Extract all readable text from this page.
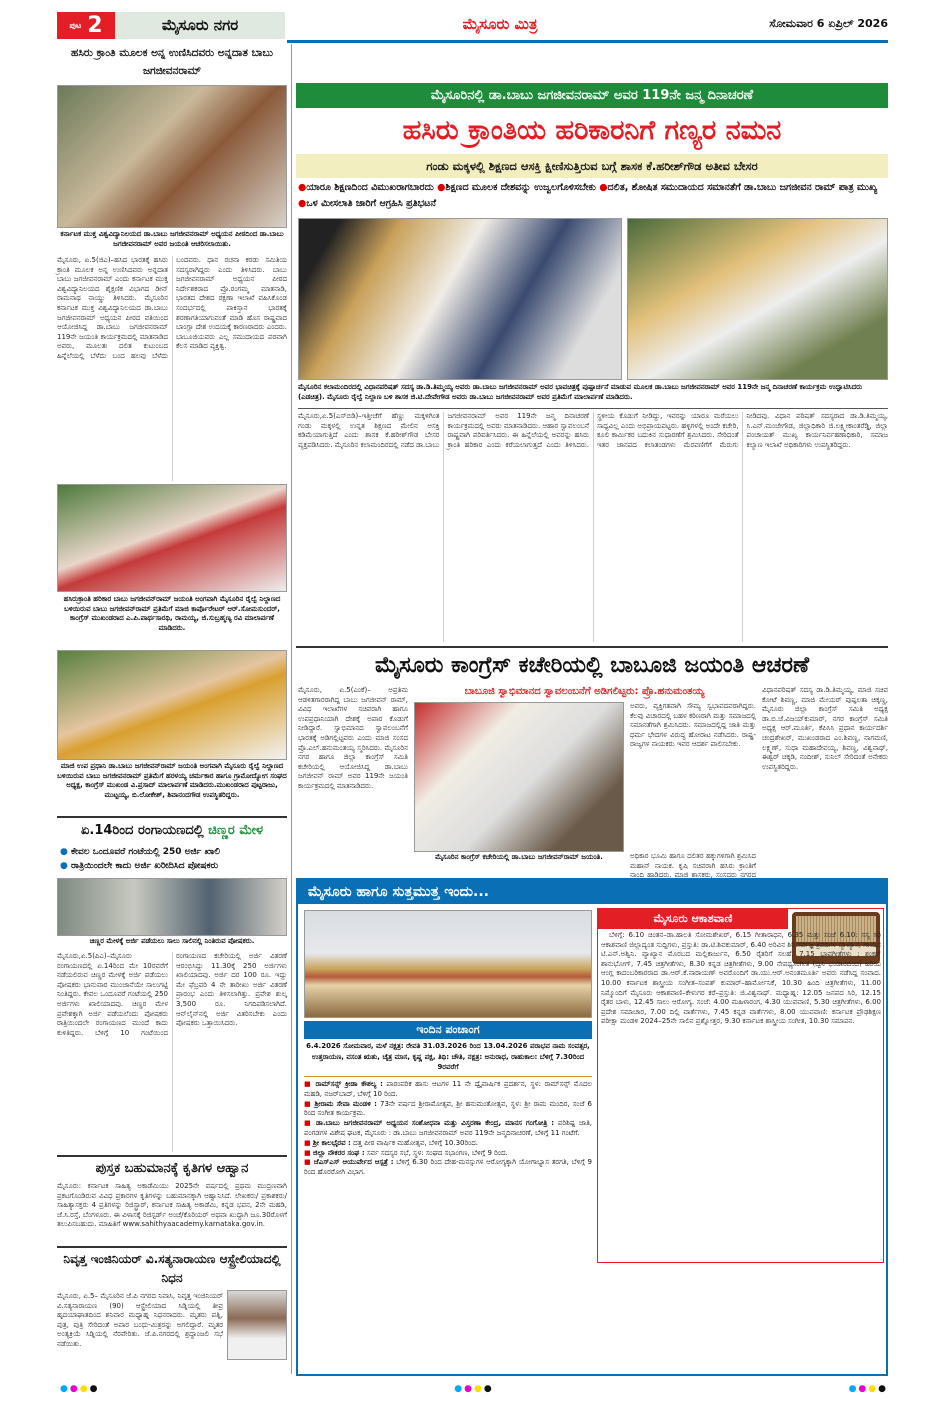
ಪುಟ 2	ಮೈಸೂರು ನಗರ	ಮೈಸೂರು ಮಿತ್ರ	ಸೋಮವಾರ 6 ಏಪ್ರಿಲ್ 2026
ಹಸಿರು ಕ್ರಾಂತಿ ಮೂಲಕ ಅನ್ನ ಉಣಿಸಿದವರು ಅನ್ನದಾತ ಬಾಬು ಜಗಜೀವನರಾಮ್
ಕರ್ನಾಟಕ ಮುಕ್ತ ವಿಶ್ವವಿದ್ಯಾನಿಲಯದ ಡಾ.ಬಾಬು ಜಗಜೀವನರಾಮ್ ಅಧ್ಯಯನ ಪೀಠದಿಂದ ಡಾ.ಬಾಬು ಜಗಜೀವನರಾಮ್ ಅವರ ಜಯಂತಿ ಆಚರಿಸಲಾಯಿತು.
ಮೈಸೂರು, ಏ.5(ಜಿಎ)–ಹಸಿದ ಭಾರತಕ್ಕೆ ಹಸಿರು ಕ್ರಾಂತಿ ಮೂಲಕ ಅನ್ನ ಉಣಿಸಿದವರು ಅನ್ನದಾತ ಬಾಬು ಜಗಜೀವನರಾಮ್ ಎಂದು ಕರ್ನಾಟಕ ಮುಕ್ತ ವಿಶ್ವವಿದ್ಯಾನಿಲಯದ ಶೈಕ್ಷಣಿಕ ವಿಭಾಗದ ಡೀನ್ ರಾಮನಾಥ ನಾಯ್ಡು ತಿಳಿಸಿದರು. ಮೈಸೂರಿನ ಕರ್ನಾಟಕ ಮುಕ್ತ ವಿಶ್ವವಿದ್ಯಾನಿಲಯದ ಡಾ.ಬಾಬು ಜಗಜೀವನರಾಮ್ ಅಧ್ಯಯನ ಪೀಠದ ವತಿಯಿಂದ ಆಯೋಜಿಸಿದ್ದ ಡಾ.ಬಾಬು ಜಗಜೀವನರಾಮ್ 119ನೇ ಜಯಂತಿ ಕಾರ್ಯಕ್ರಮದಲ್ಲಿ ಮಾತನಾಡಿದ ಅವರು, ಮೂಲತಃ ದಲಿತ ಕುಟುಂಬದ ಹಿನ್ನೆಲೆಯಲ್ಲಿ ಬೆಳೆದು ಬಂದ ಹಲವು ಬೆಳೆದು ಬಂದವರು. ಧಾನ ರಚನಾ ಕರಡು ಸಮಿತಿಯ ಸದಸ್ಯರಾಗಿದ್ದರು ಎಂದು ತಿಳಿಸಿದರು. ಬಾಬು ಜಗಜೀವನರಾಮ್ ಅಧ್ಯಯನ ಪೀಠದ ನಿರ್ದೇಶಕರಾದ ಪ್ರೊ.ರಂಗಮ್ಮ ಮಾತನಾಡಿ, ಭಾರತದ ದೇಶದ ರಕ್ಷಣಾ ಇಲಾಖೆ ವಹಿಸಿಕೊಂಡ ಸಂದರ್ಭದಲ್ಲಿ ಪಾಕಿಸ್ತಾನ ಭಾರತಕ್ಕೆ ಶರಣಾಗತಿಯಾಗುವಂತೆ ಮಾಡಿ ಹೊಸ ರಾಷ್ಟ್ರವಾದ ಬಾಂಗ್ಲಾ ದೇಶ ಉದಯಕ್ಕೆ ಕಾರಣರಾದರು ಎಂದರು. ಬಾಬೂಜಿಯವರು ಎಲ್ಲ ಸಮುದಾಯದ ಪರವಾಗಿ ಕೆಲಸ ಮಾಡಿದ ವ್ಯಕ್ತಿತ್ವ.
ಹಸಿರುಕ್ರಾಂತಿ ಹರಿಕಾರ ಬಾಬು ಜಗಜೀವನ್‌ರಾಮ್ ಜಯಂತಿ ಅಂಗವಾಗಿ ಮೈಸೂರಿನ ರೈಲ್ವೆ ನಿಲ್ದಾಣದ ಬಳಿಯಿರುವ ಬಾಬು ಜಗಜೀವನ್‌ರಾಮ್ ಪ್ರತಿಮೆಗೆ ಮಾಜಿ ಕಾರ್ಪೊರೇಟರ್ ಆರ್.ಸೋಮಸುಂದರ್, ಕಾಂಗ್ರೆಸ್ ಮುಖಂಡರಾದ ಎ.ಪಿ.ಪಾರ್ಥಸಾರಥಿ, ರಾಮಯ್ಯ, ಜಿ.ಸುಬ್ರಹ್ಮಣ್ಯ ರವಿ ಮಾಲಾರ್ಪಣೆ ಮಾಡಿದರು.
ಮಾಜಿ ಉಪ ಪ್ರಧಾನಿ ಡಾ.ಬಾಬು ಜಗಜೀವನ್‌ರಾಮ್ ಜಯಂತಿ ಅಂಗವಾಗಿ ಮೈಸೂರು ರೈಲ್ವೆ ನಿಲ್ದಾಣದ ಬಳಿಯಿರುವ ಬಾಬು ಜಗಜೀವನರಾಮ್ ಪ್ರತಿಮೆಗೆ ಹರಳಯ್ಯ ಚರ್ಮಕಾರ ಹಾಗೂ ಗ್ರಾಮೋದ್ಯೋಗ ಸಂಘದ ಅಧ್ಯಕ್ಷ, ಕಾಂಗ್ರೆಸ್ ಮುಖಂಡ ವಿ.ಪ್ರಸಾದ್ ಮಾಲಾರ್ಪಣೆ ಮಾಡಿದರು.ಮುಖಂಡರಾದ ಪುಟ್ಟರಾಜು, ಮುಟ್ಟಯ್ಯ, ಬಿ.ಲೋಕೇಶ್, ಶಿವಾನಂದಗೌಡ ಉಪಸ್ಥಿತರಿದ್ದರು.
ಏ.14ರಿಂದ ರಂಗಾಯಣದಲ್ಲಿ ಚಿಣ್ಣರ ಮೇಳ
● ಕೇವಲ ಒಂದೂವರೆ ಗಂಟೆಯಲ್ಲಿ 250 ಅರ್ಜಿ ಖಾಲಿ
● ರಾತ್ರಿಯಿಂದಲೇ ಕಾದು ಅರ್ಜಿ ಖರೀದಿಸಿದ ಪೋಷಕರು
ಚಿಣ್ಣರ ಮೇಳಕ್ಕೆ ಅರ್ಜಿ ಪಡೆಯಲು ಸಾಲು ಸಾಲಿನಲ್ಲಿ ನಿಂತಿರುವ ಪೋಷಕರು.
ಮೈಸೂರು,ಏ.5(ಪಿಎ)–ಮೈಸೂರು ರಂಗಾಯಣದಲ್ಲಿ ಏ.14ರಿಂದ ಮೇ 10ರವರೆಗೆ ನಡೆಯಲಿರುವ ಚಿಣ್ಣರ ಮೇಳಕ್ಕೆ ಅರ್ಜಿ ಪಡೆಯಲು ಪೋಷಕರು ಭಾನುವಾರ ಮುಂಜಾನೆಯೇ ಸಾಲುಗಟ್ಟಿ ನಿಂತಿದ್ದರು. ಕೇವಲ ಒಂದೂವರೆ ಗಂಟೆಯಲ್ಲಿ 250 ಅರ್ಜಿಗಳು ಖಾಲಿಯಾದವು. ಚಿಣ್ಣರ ಮೇಳ ಪ್ರವೇಶಕ್ಕಾಗಿ ಅರ್ಜಿ ಪಡೆಯಲೆಂದು ಪೋಷಕರು ರಾತ್ರಿಯಿಂದಲೇ ರಂಗಾಯಣದ ಮುಂದೆ ಕಾದು ಕುಳಿತಿದ್ದರು. ಬೆಳಿಗ್ಗೆ 10 ಗಂಟೆಯಿಂದ ರಂಗಾಯಣದ ಕಚೇರಿಯಲ್ಲಿ ಅರ್ಜಿ ವಿತರಣೆ ಆರಂಭಿಸಿದ್ದು 11.30ಕ್ಕೆ 250 ಅರ್ಜಿಗಳು ಖಾಲಿಯಾದವು. ಅರ್ಜಿ ದರ 100 ರೂ. ಇದ್ದು ಮೇ ಫೆಬ್ರವರಿ 4 ನೇ ತಾರೀಖು ಅರ್ಜಿ ವಿತರಣೆ ಪ್ರಾರಂಭ ಎಂದು ತಿಳಿಸಲಾಗಿತ್ತು. ಪ್ರವೇಶ ಶುಲ್ಕ 3,500 ರೂ. ನಿಗದಿಪಡಿಸಲಾಗಿದೆ. ಆನ್‌ಲೈನ್‌ನಲ್ಲಿ ಅರ್ಜಿ ವಿತರಿಸಬೇಕು ಎಂದು ಪೋಷಕರು ಒತ್ತಾಯಿಸಿದರು.
ಪುಸ್ತಕ ಬಹುಮಾನಕ್ಕೆ ಕೃತಿಗಳ ಆಹ್ವಾನ
ಮೈಸೂರು: ಕರ್ನಾಟಕ ಸಾಹಿತ್ಯ ಅಕಾಡೆಮಿಯು 2025ನೇ ವರ್ಷದಲ್ಲಿ ಪ್ರಥಮ ಮುದ್ರಣವಾಗಿ ಪ್ರಕಟಗೊಂಡಿರುವ ವಿವಿಧ ಪ್ರಕಾರಗಳ ಕೃತಿಗಳನ್ನು ಬಹುಮಾನಕ್ಕಾಗಿ ಆಹ್ವಾನಿಸಿದೆ. ಲೇಖಕರು/ ಪ್ರಕಾಶಕರು/ ಸಾಹಿತ್ಯಾಸಕ್ತರು 4 ಪ್ರತಿಗಳನ್ನು ರಿಜಿಸ್ಟ್ರಾರ್, ಕರ್ನಾಟಕ ಸಾಹಿತ್ಯ ಅಕಾಡೆಮಿ, ಕನ್ನಡ ಭವನ, 2ನೇ ಮಹಡಿ, ಜೆ.ಸಿ.ರಸ್ತೆ, ಬೆಂಗಳೂರು. ಈ ವಿಳಾಸಕ್ಕೆ ರಿಜಿಸ್ಟರ್ಡ್ ಅಂಚೆ/ಕೊರಿಯರ್ ಅಥವಾ ಖುದ್ದಾಗಿ ಜೂ.30ರೊಳಗೆ ತಲುಪಿಸಬಹುದು. ಮಾಹಿತಿಗೆ www.sahithyaacademy.karnataka.gov.in.
ನಿವೃತ್ತ ಇಂಜಿನಿಯರ್ ವಿ.ಸತ್ಯನಾರಾಯಣ ಆಸ್ಟ್ರೇಲಿಯಾದಲ್ಲಿ ನಿಧನ
ಮೈಸೂರು, ಏ.5– ಮೈಸೂರಿನ ಜೆ.ಪಿ ನಗರದ ನಿವಾಸಿ, ನಿವೃತ್ತ ಇಂಜಿನಿಯರ್ ವಿ.ಸತ್ಯನಾರಾಯಣ (90) ಆಸ್ಟ್ರೇಲಿಯಾದ ಸಿಡ್ನಿಯಲ್ಲಿ ತೀವ್ರ ಹೃದಯಾಘಾತದಿಂದ ಶನಿವಾರ ಮಧ್ಯಾಹ್ನ ನಿಧನರಾದರು. ಮೃತರು ಪತ್ನಿ, ಪುತ್ರ, ಪುತ್ರಿ ಸೇರಿದಂತೆ ಅಪಾರ ಬಂಧು-ಮಿತ್ರರನ್ನು ಅಗಲಿದ್ದಾರೆ. ಮೃತರ ಅಂತ್ಯಕ್ರಿಯೆ ಸಿಡ್ನಿಯಲ್ಲಿ ನೆರವೇರಿತು. ಜೆ.ಪಿ.ನಗರದಲ್ಲಿ ಶ್ರದ್ಧಾಂಜಲಿ ಸಭೆ ನಡೆಯಿತು.
ಮೈಸೂರಿನಲ್ಲಿ ಡಾ.ಬಾಬು ಜಗಜೀವನರಾಮ್ ಅವರ 119ನೇ ಜನ್ಮ ದಿನಾಚರಣೆ
ಹಸಿರು ಕ್ರಾಂತಿಯ ಹರಿಕಾರನಿಗೆ ಗಣ್ಯರ ನಮನ
ಗಂಡು ಮಕ್ಕಳಲ್ಲಿ ಶಿಕ್ಷಣದ ಆಸಕ್ತಿ ಕ್ಷೀಣಿಸುತ್ತಿರುವ ಬಗ್ಗೆ ಶಾಸಕ ಕೆ.ಹರೀಶ್‌ಗೌಡ ಅತೀವ ಬೇಸರ
●ಯಾರೂ ಶಿಕ್ಷಣದಿಂದ ವಿಮುಖರಾಗಬಾರದು ●ಶಿಕ್ಷಣದ ಮೂಲಕ ದೇಶವನ್ನು ಉಜ್ವಲಗೊಳಿಸಬೇಕು ●ದಲಿತ, ಶೋಷಿತ ಸಮುದಾಯದ ಸಮಾನತೆಗೆ ಡಾ.ಬಾಬು ಜಗಜೀವನ ರಾಮ್ ಪಾತ್ರ ಮುಖ್ಯ ●ಒಳ ಮೀಸಲಾತಿ ಜಾರಿಗೆ ಆಗ್ರಹಿಸಿ ಪ್ರತಿಭಟನೆ
ಮೈಸೂರಿನ ಕಲಾಮಂದಿರದಲ್ಲಿ ವಿಧಾನಪರಿಷತ್ ಸದಸ್ಯ ಡಾ.ಡಿ.ತಿಮ್ಮಯ್ಯ ಅವರು ಡಾ.ಬಾಬು ಜಗಜೀವನರಾಮ್ ಅವರ ಭಾವಚಿತ್ರಕ್ಕೆ ಪುಷ್ಪಾರ್ಚನೆ ಮಾಡುವ ಮೂಲಕ ಡಾ.ಬಾಬು ಜಗಜೀವನರಾಮ್ ಅವರ 119ನೇ ಜನ್ಮ ದಿನಾಚರಣೆ ಕಾರ್ಯಕ್ರಮ ಉದ್ಘಾಟಿಸಿದರು (ಎಡಚಿತ್ರ). ಮೈಸೂರು ರೈಲ್ವೆ ನಿಲ್ದಾಣ ಬಳಿ ಶಾಸಕ ಜಿ.ಟಿ.ದೇವೇಗೌಡ ಅವರು ಡಾ.ಬಾಬು ಜಗಜೀವನರಾಮ್ ಅವರ ಪ್ರತಿಮೆಗೆ ಮಾಲಾರ್ಪಣೆ ಮಾಡಿದರು.
ಮೈಸೂರು,ಏ.5(ಎಸ್‌ಬಿಡಿ)–ಇತ್ತೀಚೆಗೆ ಹೆಣ್ಣು ಮಕ್ಕಳಿಗಿಂತ ಗಂಡು ಮಕ್ಕಳಲ್ಲಿ ಉನ್ನತ ಶಿಕ್ಷಣದ ಮೇಲಿನ ಆಸಕ್ತಿ ಕಡಿಮೆಯಾಗುತ್ತಿದೆ ಎಂದು ಶಾಸಕ ಕೆ.ಹರೀಶ್‌ಗೌಡ ಬೇಸರ ವ್ಯಕ್ತಪಡಿಸಿದರು. ಮೈಸೂರಿನ ಕಲಾಮಂದಿರದಲ್ಲಿ ನಡೆದ ಡಾ.ಬಾಬು ಜಗಜೀವನರಾಮ್ ಅವರ 119ನೇ ಜನ್ಮ ದಿನಾಚರಣೆ ಕಾರ್ಯಕ್ರಮದಲ್ಲಿ ಅವರು ಮಾತನಾಡಿದರು. ಆಹಾರ ಸ್ವಾವಲಂಬನೆ ರಾಷ್ಟ್ರವಾಗಿ ಪರಿವರ್ತಿಸಿದರು. ಈ ಹಿನ್ನೆಲೆಯಲ್ಲಿ ಅವರನ್ನು ಹಸಿರು ಕ್ರಾಂತಿ ಹರಿಕಾರ ಎಂದು ಕರೆಯಲಾಗುತ್ತದೆ ಎಂದು ತಿಳಿಸಿದರು. ಸ್ಥಳೀಯ ಕೊಡುಗೆ ನೀಡಿದ್ದು, ಇವರನ್ನು ಯಾರೂ ಮರೆಯಲು ಸಾಧ್ಯವಿಲ್ಲ ಎಂದು ಅಭಿಪ್ರಾಯಪಟ್ಟರು. ಹಳ್ಳಿಗಳಲ್ಲಿ ಅಂದೇ ಕಚೇರಿ, ಕೂಲಿ ಕಾರ್ಮಿಕರ ಬದುಕಿನ ಸುಧಾರಣೆಗೆ ಶ್ರಮಿಸಿದರು. ಸೇರಿದಂತೆ ಇತರ ಜಾನಪದ ಕಲಾತಂಡಗಳು ಮೆರವಣಿಗೆಗೆ ಮೆರುಗು ನೀಡಿದವು. ವಿಧಾನ ಪರಿಷತ್ ಸದಸ್ಯರಾದ ಡಾ.ಡಿ.ತಿಮ್ಮಯ್ಯ, ಸಿ.ಎನ್.ಮಂಜೇಗೌಡ, ಜಿಲ್ಲಾಧಿಕಾರಿ ಜಿ.ಲಕ್ಷ್ಮೀಕಾಂತರೆಡ್ಡಿ, ಜಿಲ್ಲಾ ಪಂಚಾಯತ್ ಮುಖ್ಯ ಕಾರ್ಯನಿರ್ವಹಣಾಧಿಕಾರಿ, ಸಮಾಜ ಕಲ್ಯಾಣ ಇಲಾಖೆ ಅಧಿಕಾರಿಗಳು ಉಪಸ್ಥಿತರಿದ್ದರು.
ಮೈಸೂರು ಕಾಂಗ್ರೆಸ್ ಕಚೇರಿಯಲ್ಲಿ ಬಾಬೂಜಿ ಜಯಂತಿ ಆಚರಣೆ
ಮೈಸೂರು, ಏ.5(ಎಂಕೆ)– ಅಪ್ರತಿಮ ಆಡಳಿತಗಾರರಾಗಿದ್ದ ಬಾಬು ಜಗಜೀವನ್ ರಾಮ್, ವಿವಿಧ ಇಲಾಖೆಗಳ ಸಚಿವರಾಗಿ ಹಾಗೂ ಉಪಪ್ರಧಾನಿಯಾಗಿ ದೇಶಕ್ಕೆ ಅಪಾರ ಕೊಡುಗೆ ನೀಡಿದ್ದಾರೆ. ಸ್ವಾಭಿಮಾನದ ಸ್ವಾವಲಂಬನೆಗೆ ಭಾರತಕ್ಕೆ ಅಡಿಗಲ್ಲಿಟ್ಟವರು ಎಂದು ಮಾಜಿ ಸಂಸದ ಪ್ರೊ.ಎಲ್.ಹನುಮಂತಯ್ಯ ಸ್ಮರಿಸಿದರು. ಮೈಸೂರಿನ ನಗರ ಹಾಗೂ ಜಿಲ್ಲಾ ಕಾಂಗ್ರೆಸ್ ಸಮಿತಿ ಕಚೇರಿಯಲ್ಲಿ ಆಯೋಜಿಸಿದ್ದ ಡಾ.ಬಾಬು ಜಗಜೀವನ್ ರಾಮ್ ಅವರ 119ನೇ ಜಯಂತಿ ಕಾರ್ಯಕ್ರಮದಲ್ಲಿ ಮಾತನಾಡಿದರು.
ಬಾಬೂಜಿ ಸ್ವಾಭಿಮಾನದ ಸ್ವಾವಲಂಬನೆಗೆ ಅಡಿಗಲಿಟ್ಟರು: ಪ್ರೊ.ಹನುಮಂತಯ್ಯ
ಅವರು, ವ್ಯಕ್ತಿಗತವಾಗಿ ಸೌಮ್ಯ ಸ್ವಭಾವದವರಾಗಿದ್ದರು. ಕೆಲವು ವಿಚಾರದಲ್ಲಿ ಬಹಳ ಕಠಿಣರಾಗಿ ಮತ್ತು ಸಮಾಜದಲ್ಲಿ ಸಮಾನತೆಗಾಗಿ ಶ್ರಮಿಸಿದರು. ಸಮಾಜದಲ್ಲಿದ್ದ ಜಾತಿ ಮತ್ತು ಧರ್ಮ ಭೇದಗಳ ವಿರುದ್ಧ ಹೋರಾಟ ನಡೆಸಿದರು. ರಾಷ್ಟ್ರ-ರಾಜ್ಯಗಳ ನಾಯಕರು ಇವರ ಆದರ್ಶ ಪಾಲಿಸಬೇಕು.
ಮೈಸೂರಿನ ಕಾಂಗ್ರೆಸ್ ಕಚೇರಿಯಲ್ಲಿ ಡಾ.ಬಾಬು ಜಗಜೀವನ್‌ರಾಮ್ ಜಯಂತಿ.	ಅಧಿಕಾರ ಭೂಮಿ ಹಾಗೂ ದಲಿತರ ಹಕ್ಕುಗಳಿಗಾಗಿ ಶ್ರಮಿಸಿದ ಮಹಾನ್ ನಾಯಕ. ಕೃಷಿ ಸಚಿವರಾಗಿ ಹಸಿರು ಕ್ರಾಂತಿಗೆ ನಾಂದಿ ಹಾಡಿದರು. ಮಾಜಿ ಶಾಸಕರು, ಸಂಸದರು ನಗರದ
ವಿಧಾನಪರಿಷತ್ ಸದಸ್ಯ ಡಾ.ಡಿ.ತಿಮ್ಮಯ್ಯ, ಮಾಜಿ ಸಚಿವ ಕೋಟೆ ಶಿವಣ್ಣ, ಮಾಜಿ ಮೇಯರ್ ಪುಷ್ಪಲತಾ ಚಿಕ್ಕಣ್ಣ, ಮೈಸೂರು ಜಿಲ್ಲಾ ಕಾಂಗ್ರೆಸ್ ಸಮಿತಿ ಅಧ್ಯಕ್ಷ ಡಾ.ಬಿ.ಜೆ.ವಿಜಯ್‌ಕುಮಾರ್, ನಗರ ಕಾಂಗ್ರೆಸ್ ಸಮಿತಿ ಅಧ್ಯಕ್ಷ ಆರ್.ಮೂರ್ತಿ, ಕೆಪಿಸಿಸಿ ಪ್ರಧಾನ ಕಾರ್ಯದರ್ಶಿ ಚಂದ್ರಶೇಖರ್, ಮುಖಂಡರಾದ ಎಂ.ಶಿವಣ್ಣ, ನಾಗಮಣಿ, ಲಕ್ಷ್ಮಣ್, ಸುಧಾ ಮಹಾದೇವಯ್ಯ, ಶಿವಣ್ಣ, ವಿಶ್ವನಾಥ್, ಈಶ್ವರ್ ಚಕ್ಕಡಿ, ನಂದೀಶ್, ಸುನಿಲ್ ಸೇರಿದಂತೆ ಅನೇಕರು ಉಪಸ್ಥಿತರಿದ್ದರು.
ಮೈಸೂರು ಹಾಗೂ ಸುತ್ತಮುತ್ತ ಇಂದು...
ಇಂದಿನ ಪಂಚಾಂಗ
6.4.2026 ಸೋಮವಾರ, ಮಳೆ ನಕ್ಷತ್ರ: ರೇವತಿ 31.03.2026 ರಿಂದ 13.04.2026 ಪರಾಭವ ನಾಮ ಸಂವತ್ಸರ, ಉತ್ತರಾಯಣ, ವಸಂತ ಋತು, ಚೈತ್ರ ಮಾಸ, ಕೃಷ್ಣ ಪಕ್ಷ, ತಿಥಿ: ಚೌತಿ, ನಕ್ಷತ್ರ: ಅನುರಾಧ, ರಾಹುಕಾಲ: ಬೆಳಿಗ್ಗೆ 7.30ರಿಂದ 9ರವರೆಗೆ
■ ರಾಮ್‌ಸನ್ಸ್ ಕ್ರೀಡಾ ಕೌಶಲ್ಯ : ಪಾರಂಪರಿಕ ಹಾಸು ಆಟಗಳ 11 ನೇ ದ್ವೈವಾರ್ಷಿಕ ಪ್ರದರ್ಶನ, ಸ್ಥಳ: ರಾಮ್‌ಸನ್ಸ್ ಮೊದಲ ಮಹಡಿ, ನಜರ್‌ಬಾದ್, ಬೆಳಿಗ್ಗೆ 10 ರಿಂದ.
■ ಶ್ರೀರಾಮ ಸೇವಾ ಮಂಡಳಿ : 73ನೇ ವರ್ಷದ ಶ್ರೀರಾಮೋತ್ಸವ, ಶ್ರೀ ಹನುಮಂತೋತ್ಸವ, ಸ್ಥಳ: ಶ್ರೀ ರಾಮ ಮಂದಿರ, ಸಂಜೆ 6 ರಿಂದ ಸಂಗೀತ ಕಾರ್ಯಕ್ರಮ.
■ ಡಾ.ಬಾಬು ಜಗಜೀವನರಾಮ್ ಅಧ್ಯಯನ ಸಂಶೋಧನಾ ಮತ್ತು ವಿಸ್ತರಣಾ ಕೇಂದ್ರ, ಮಾನಸ ಗಂಗೋತ್ರಿ : ಪರಿಶಿಷ್ಟ ಜಾತಿ, ಪಂಗಡಗಳ ವಿಶೇಷ ಘಟಕ, ಮೈಸೂರು : ಡಾ.ಬಾಬು ಜಗಜೀವನರಾಮ್ ಅವರ 119ನೇ ಜನ್ಮದಿನಾಚರಣೆ, ಬೆಳಿಗ್ಗೆ 11 ಗಂಟೆಗೆ.
■ ಶ್ರೀ ಕಾಲಭೈರವ : ದತ್ತ ಪೀಠ ವಾರ್ಷಿಕ ಮಹೋತ್ಸವ, ಬೆಳಿಗ್ಗೆ 10.30ರಿಂದ.
■ ಜಿಲ್ಲಾ ನೌಕರರ ಸಂಘ : ಸರ್ವ ಸದಸ್ಯರ ಸಭೆ, ಸ್ಥಳ: ಸಂಘದ ಸಭಾಂಗಣ, ಬೆಳಿಗ್ಗೆ 9 ರಿಂದ.
■ ಜೆಎಸ್‌ಎಸ್ ಆಯುರ್ವೇದ ಆಸ್ಪತ್ರೆ : ಬೆಳಿಗ್ಗೆ 6.30 ರಿಂದ ದೇಹ-ಮನಸ್ಸುಗಳ ಆರೋಗ್ಯಕ್ಕಾಗಿ ಯೋಗಾಭ್ಯಾಸ ತರಗತಿ, ಬೆಳಿಗ್ಗೆ 9 ರಿಂದ ಹೊರರೋಗಿ ವಿಭಾಗ.
ಮೈಸೂರು ಆಕಾಶವಾಣಿ
ಬೆಳಿಗ್ಗೆ: 6.10 ಚಿಂತನ–ಡಾ.ಹಾಲತಿ ಸೋಮಶೇಖರ್, 6.15 ಗೀತಾರಾಧನ, 6.35 ಮತ್ತು ಸಂಜೆ 6.10: ಸಸ್ಯ ಸಿರಿ ಆಕಾಶವಾಣಿ ಜಿಲ್ಲಾದ್ಯಂತ ಸುದ್ದಿಗಳು, ಪ್ರಸ್ತುತಿ: ಡಾ.ಟಿ.ಶಿವಕುಮಾರ್, 6.40 ಅರಿವಿನ ಶಿರಿ ಸರ್ವಜ್ಞ ತ್ರಿಪದಿಗಳ ವ್ಯಾಖ್ಯಾನ, ಗಾಯನ ಟಿ.ಎನ್.ಅಶ್ವಿನಿ. ವ್ಯಾಖ್ಯಾನ ಮೊರಬದ ಮಲ್ಲಿಕಾರ್ಜುನ, 6.50 ರೈತರಿಗೆ ಸಲಹೆ, 7.15 ಭಾವಗೀತೆಗಳು : ಶಂಕರ್ ಶಾನುಭೋಗ್, 7.45 ಚಿತ್ರಗೀತೆಗಳು, 8.30 ಕನ್ನಡ ಚಿತ್ರಗೀತೆಗಳು, 9.00 ನೇಪಥ್ಯಸಂಗೀತ (ದ್ವನಿ ಭಂಡಾರದಿಂದ) ಹಿರಿಯ ಆಂಗ್ಲ ಕಾದಂಬರಿಕಾರರಾದ ಡಾ.ಆರ್.ಕೆ.ನಾರಾಯಣ್ ಅವರೊಂದಿಗೆ ಡಾ.ಯು.ಆರ್.ಅನಂತಮೂರ್ತಿ ಅವರು ನಡೆಸಿದ್ದ ಸಂವಾದ. 10.00 ಕರ್ನಾಟಕ ಶಾಸ್ತ್ರೀಯ ಸಂಗೀತ–ಸಂಪತ್ ಕುಮಾರ್–ಹಾರ್ಮೋನಿಕೆ, 10.30 ಹಿಂದಿ ಚಿತ್ರಗೀತೆಗಳು, 11.00 ನಿಮ್ಮೊಂದಿಗೆ ಮೈಸೂರು ಆಕಾಶವಾಣಿ–ಕೇಳುಗರ ಕರೆ–ಪ್ರಸ್ತುತಿ: ಜಿ.ವಿಶ್ವನಾಥ್. ಮಧ್ಯಾಹ್ನ: 12.05 ಜನಪದ ಸಿರಿ, 12.15 ರೈತರ ಬಾಳು, 12.45 ಸಾಲು ಆರೋಗ್ಯ. ಸಂಜೆ: 4.00 ಮಹಿಳಾರಂಗ, 4.30 ಯುವವಾಣಿ, 5.30 ಚಿತ್ರಗೀತೆಗಳು, 6.00 ಪ್ರದೇಶ ಸಮಾಚಾರ, 7.00 ದಿಲ್ಲಿ ವಾರ್ತೆಗಳು, 7.45 ಕನ್ನಡ ವಾರ್ತೆಗಳು, 8.00 ಯುವವಾಣಿ: ಕರ್ನಾಟಕ ಪ್ರೌಢಶಿಕ್ಷಣ ಪರೀಕ್ಷಾ ಮಂಡಳಿ 2024–25ನೇ ಸಾಲಿನ ಪ್ರಶ್ನೋತ್ತರ, 9.30 ಕರ್ನಾಟಕ ಶಾಸ್ತ್ರೀಯ ಸಂಗೀತ, 10.30 ಸಮಾಪನ.
●●●●	●●●●	●●●●
